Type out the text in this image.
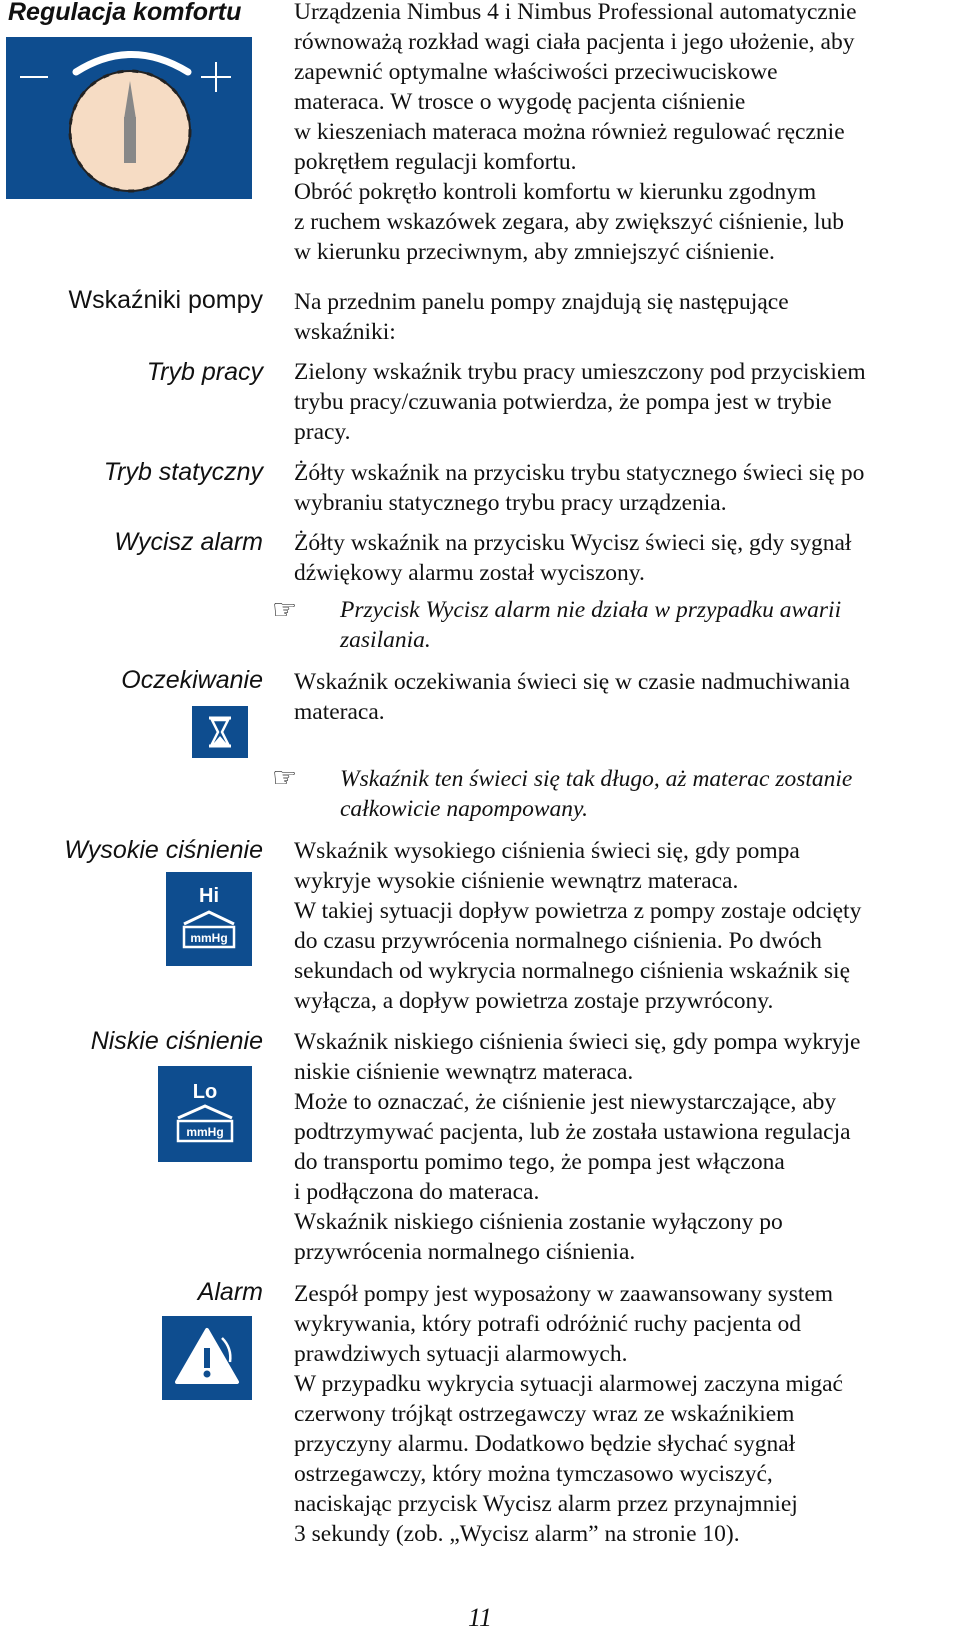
Regulacja komfortu Urządzenia Nimbus 4 i Nimbus Professional automatycznie
równoważą rozkład wagi ciała pacjenta i jego ułożenie, aby
zapewnić optymalne właściwości przeciwuciskowe
materaca. W trosce o wygodę pacjenta ciśnienie
w kieszeniach materaca można również regulować ręcznie
pokrętłem regulacji komfortu.
Obróć pokrętło kontroli komfortu w kierunku zgodnym
z ruchem wskazówek zegara, aby zwiększyć ciśnienie, lub
w kierunku przeciwnym, aby zmniejszyć ciśnienie.
Wskaźniki pompy Na przednim panelu pompy znajdują się następujące
wskaźniki:
Tryb pracy Zielony wskaźnik trybu pracy umieszczony pod przyciskiem
trybu pracy/czuwania potwierdza, że pompa jest w trybie
pracy.
Tryb statyczny Żółty wskaźnik na przycisku trybu statycznego świeci się po
wybraniu statycznego trybu pracy urządzenia.
Wycisz alarm Żółty wskaźnik na przycisku Wycisz świeci się, gdy sygnał
dźwiękowy alarmu został wyciszony.
☞ Przycisk Wycisz alarm nie działa w przypadku awarii
zasilania.
Oczekiwanie Wskaźnik oczekiwania świeci się w czasie nadmuchiwania
materaca.
☞ Wskaźnik ten świeci się tak długo, aż materac zostanie
całkowicie napompowany.
Wysokie ciśnienie Wskaźnik wysokiego ciśnienia świeci się, gdy pompa
wykryje wysokie ciśnienie wewnątrz materaca.
W takiej sytuacji dopływ powietrza z pompy zostaje odcięty
do czasu przywrócenia normalnego ciśnienia. Po dwóch
sekundach od wykrycia normalnego ciśnienia wskaźnik się
wyłącza, a dopływ powietrza zostaje przywrócony.
Hi
mmHg
Niskie ciśnienie Wskaźnik niskiego ciśnienia świeci się, gdy pompa wykryje
niskie ciśnienie wewnątrz materaca.
Może to oznaczać, że ciśnienie jest niewystarczające, aby
podtrzymywać pacjenta, lub że została ustawiona regulacja
do transportu pomimo tego, że pompa jest włączona
i podłączona do materaca.
Wskaźnik niskiego ciśnienia zostanie wyłączony po
przywrócenia normalnego ciśnienia.
Lo
mmHg
Alarm Zespół pompy jest wyposażony w zaawansowany system
wykrywania, który potrafi odróżnić ruchy pacjenta od
prawdziwych sytuacji alarmowych.
W przypadku wykrycia sytuacji alarmowej zaczyna migać
czerwony trójkąt ostrzegawczy wraz ze wskaźnikiem
przyczyny alarmu. Dodatkowo będzie słychać sygnał
ostrzegawczy, który można tymczasowo wyciszyć,
naciskając przycisk Wycisz alarm przez przynajmniej
3 sekundy (zob. „Wycisz alarm” na stronie 10).
11
